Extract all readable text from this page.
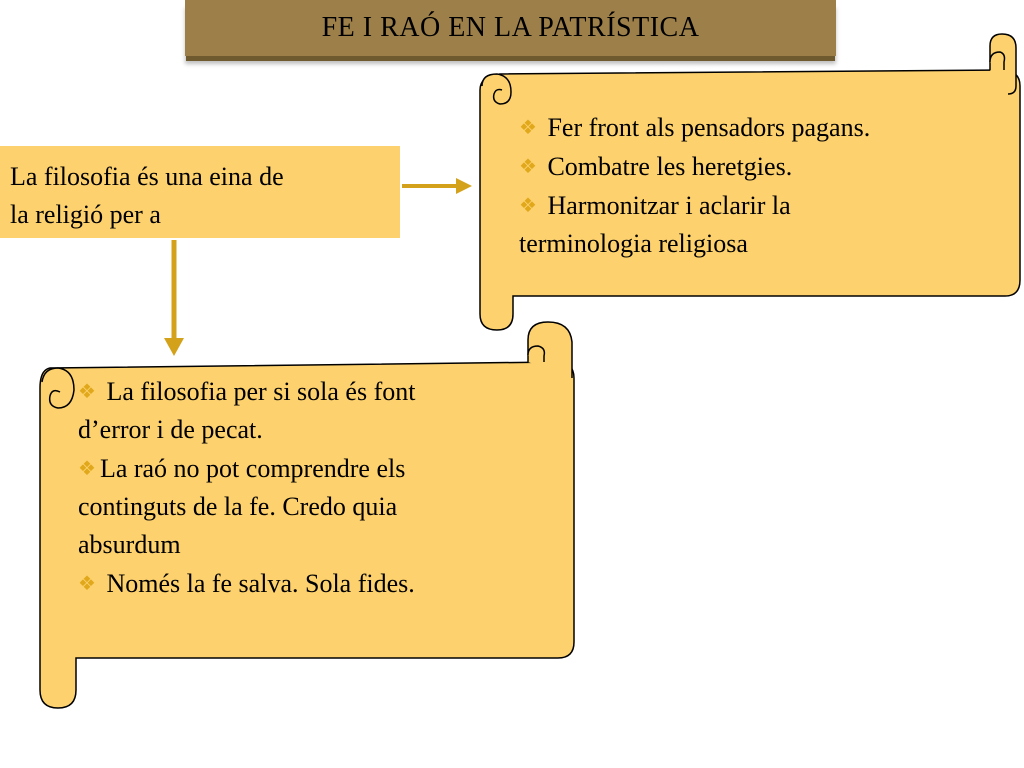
FE I RAÓ EN LA PATRÍSTICA
La filosofia és una eina de
la religió per a
❖ Fer front als pensadors pagans.
❖ Combatre les heretgies.
❖ Harmonitzar i aclarir la
terminologia religiosa
❖ La filosofia per si sola és font
d’error i de pecat.
❖ La raó no pot comprendre els
continguts de la fe. Credo quia
absurdum
❖ Només la fe salva. Sola fides.
